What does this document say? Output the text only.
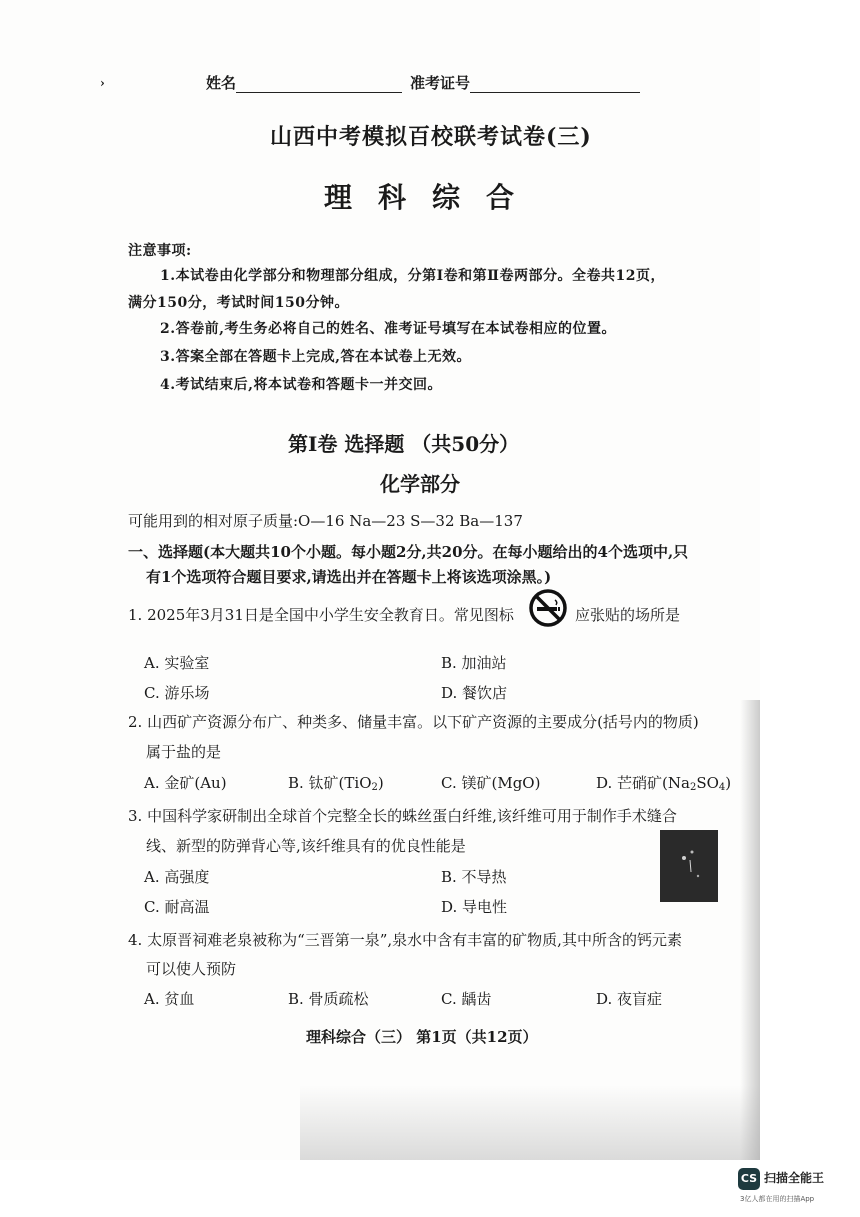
›	姓名	准考证号
山西中考模拟百校联考试卷(三)
理科综合
注意事项:
1.本试卷由化学部分和物理部分组成，分第Ⅰ卷和第Ⅱ卷两部分。全卷共12页，
满分150分，考试时间150分钟。
2.答卷前,考生务必将自己的姓名、准考证号填写在本试卷相应的位置。
3.答案全部在答题卡上完成,答在本试卷上无效。
4.考试结束后,将本试卷和答题卡一并交回。
第Ⅰ卷 选择题 （共50分）
化学部分
可能用到的相对原子质量:O—16 Na—23 S—32 Ba—137
一、选择题(本大题共10个小题。每小题2分,共20分。在每小题给出的4个选项中,只
有1个选项符合题目要求,请选出并在答题卡上将该选项涂黑。)
1. 2025年3月31日是全国中小学生安全教育日。常见图标	应张贴的场所是
A. 实验室	B. 加油站
C. 游乐场	D. 餐饮店
2. 山西矿产资源分布广、种类多、储量丰富。以下矿产资源的主要成分(括号内的物质)
属于盐的是
A. 金矿(Au)	B. 钛矿(TiO$_2$)	C. 镁矿(MgO)	D. 芒硝矿$(Na_2SO_4)$
3. 中国科学家研制出全球首个完整全长的蛛丝蛋白纤维,该纤维可用于制作手术缝合
线、新型的防弹背心等,该纤维具有的优良性能是
A. 高强度	B. 不导热
C. 耐高温	D. 导电性
4. 太原晋祠难老泉被称为“三晋第一泉”,泉水中含有丰富的矿物质,其中所含的钙元素
可以使人预防
A. 贫血	B. 骨质疏松	C. 龋齿	D. 夜盲症
理科综合（三） 第1页（共12页）
CS 扫描全能王
3亿人都在用的扫描App
